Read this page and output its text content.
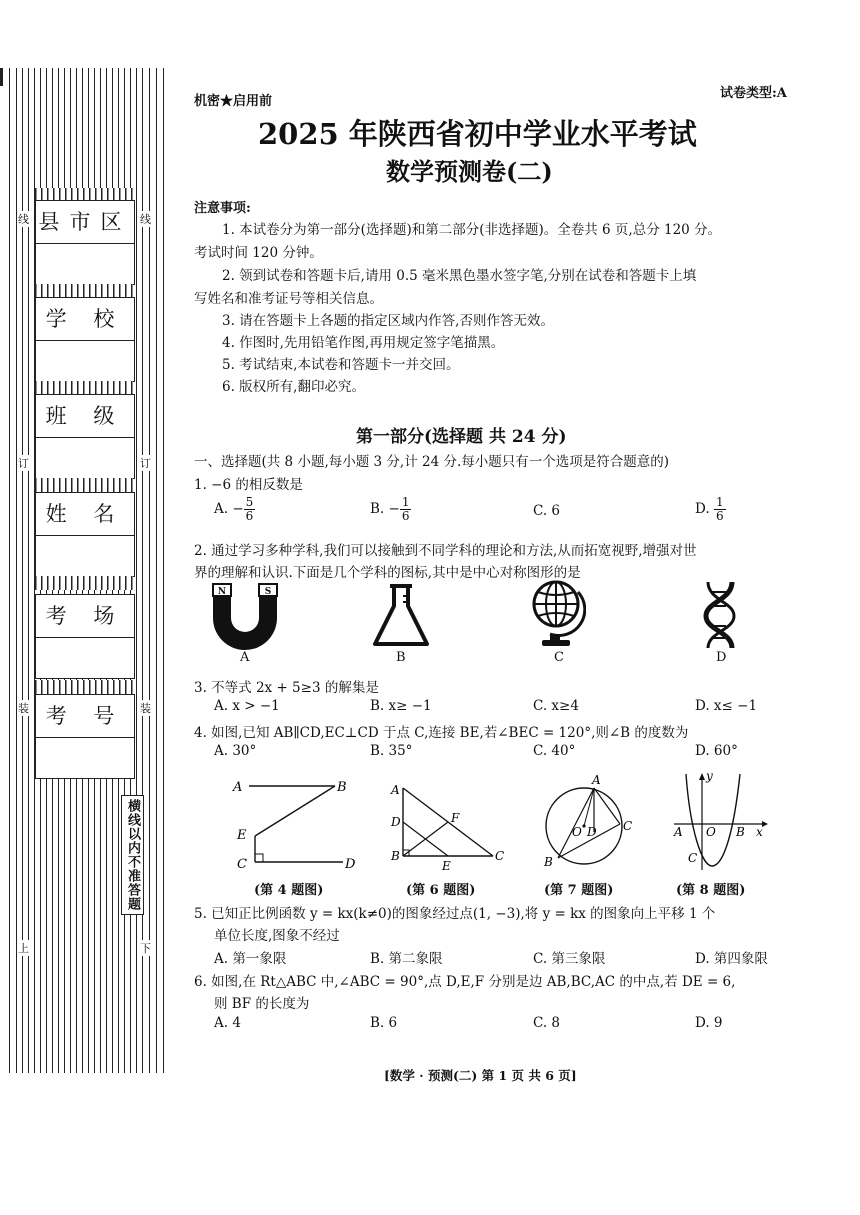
县市区
学 校
班 级
姓 名
考 场
考 号
线	线
订	订
装	装
上	下
横线以内不准答题
机密★启用前
试卷类型:A
2025 年陕西省初中学业水平考试
数学预测卷(二)
注意事项:
1. 本试卷分为第一部分(选择题)和第二部分(非选择题)。全卷共 6 页,总分 120 分。
考试时间 120 分钟。
2. 领到试卷和答题卡后,请用 0.5 毫米黑色墨水签字笔,分别在试卷和答题卡上填
写姓名和准考证号等相关信息。
3. 请在答题卡上各题的指定区域内作答,否则作答无效。
4. 作图时,先用铅笔作图,再用规定签字笔描黑。
5. 考试结束,本试卷和答题卡一并交回。
6. 版权所有,翻印必究。
第一部分(选择题 共 24 分)
一、选择题(共 8 小题,每小题 3 分,计 24 分.每小题只有一个选项是符合题意的)
1. −6 的相反数是
A. − $\frac{5}{6}$	B. − $\frac{1}{6}$	C. 6	D. $\frac{1}{6}$
2. 通过学习多种学科,我们可以接触到不同学科的理论和方法,从而拓宽视野,增强对世
界的理解和认识.下面是几个学科的图标,其中是中心对称图形的是
N	S
A	B	C	D
3. 不等式 2x + 5≥3 的解集是
A. x > −1	B. x≥ −1	C. x≥4	D. x≤ −1
4. 如图,已知 AB∥CD,EC⊥CD 于点 C,连接 BE,若∠BEC = 120°,则∠B 的度数为
A. 30°	B. 35°	C. 40°	D. 60°
A	B
E
C	D
A
D	F
B
E
C
A
O D C
B
y
A O B x
C
(第 4 题图)	(第 6 题图)	(第 7 题图)	(第 8 题图)
5. 已知正比例函数 y = kx(k≠0)的图象经过点(1, −3),将 y = kx 的图象向上平移 1 个
单位长度,图象不经过
A. 第一象限	B. 第二象限	C. 第三象限	D. 第四象限
6. 如图,在 Rt△ABC 中,∠ABC = 90°,点 D,E,F 分别是边 AB,BC,AC 的中点,若 DE = 6,
则 BF 的长度为
A. 4	B. 6	C. 8	D. 9
[数学 · 预测(二) 第 1 页 共 6 页]
